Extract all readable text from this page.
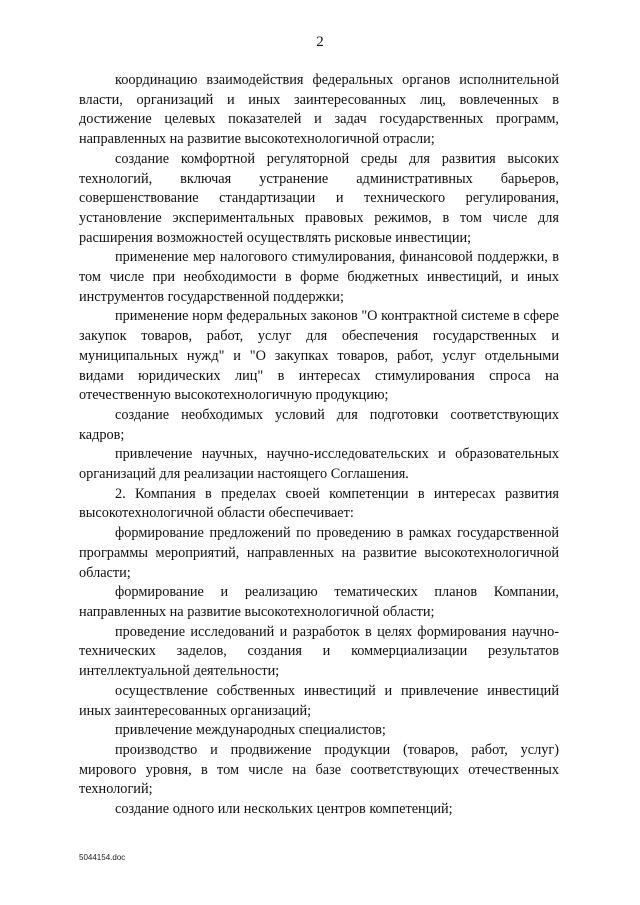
2

координацию взаимодействия федеральных органов исполнительной власти, организаций и иных заинтересованных лиц, вовлеченных в достижение целевых показателей и задач государственных программ, направленных на развитие высокотехнологичной отрасли;

создание комфортной регуляторной среды для развития высоких технологий, включая устранение административных барьеров, совершенствование стандартизации и технического регулирования, установление экспериментальных правовых режимов, в том числе для расширения возможностей осуществлять рисковые инвестиции;

применение мер налогового стимулирования, финансовой поддержки, в том числе при необходимости в форме бюджетных инвестиций, и иных инструментов государственной поддержки;

применение норм федеральных законов "О контрактной системе в сфере закупок товаров, работ, услуг для обеспечения государственных и муниципальных нужд" и "О закупках товаров, работ, услуг отдельными видами юридических лиц" в интересах стимулирования спроса на отечественную высокотехнологичную продукцию;

создание необходимых условий для подготовки соответствующих кадров;

привлечение научных, научно-исследовательских и образовательных организаций для реализации настоящего Соглашения.

2. Компания в пределах своей компетенции в интересах развития высокотехнологичной области обеспечивает:

формирование предложений по проведению в рамках государственной программы мероприятий, направленных на развитие высокотехнологичной области;

формирование и реализацию тематических планов Компании, направленных на развитие высокотехнологичной области;

проведение исследований и разработок в целях формирования научно-технических заделов, создания и коммерциализации результатов интеллектуальной деятельности;

осуществление собственных инвестиций и привлечение инвестиций иных заинтересованных организаций;

привлечение международных специалистов;

производство и продвижение продукции (товаров, работ, услуг) мирового уровня, в том числе на базе соответствующих отечественных технологий;

создание одного или нескольких центров компетенций;

5044154.doc
